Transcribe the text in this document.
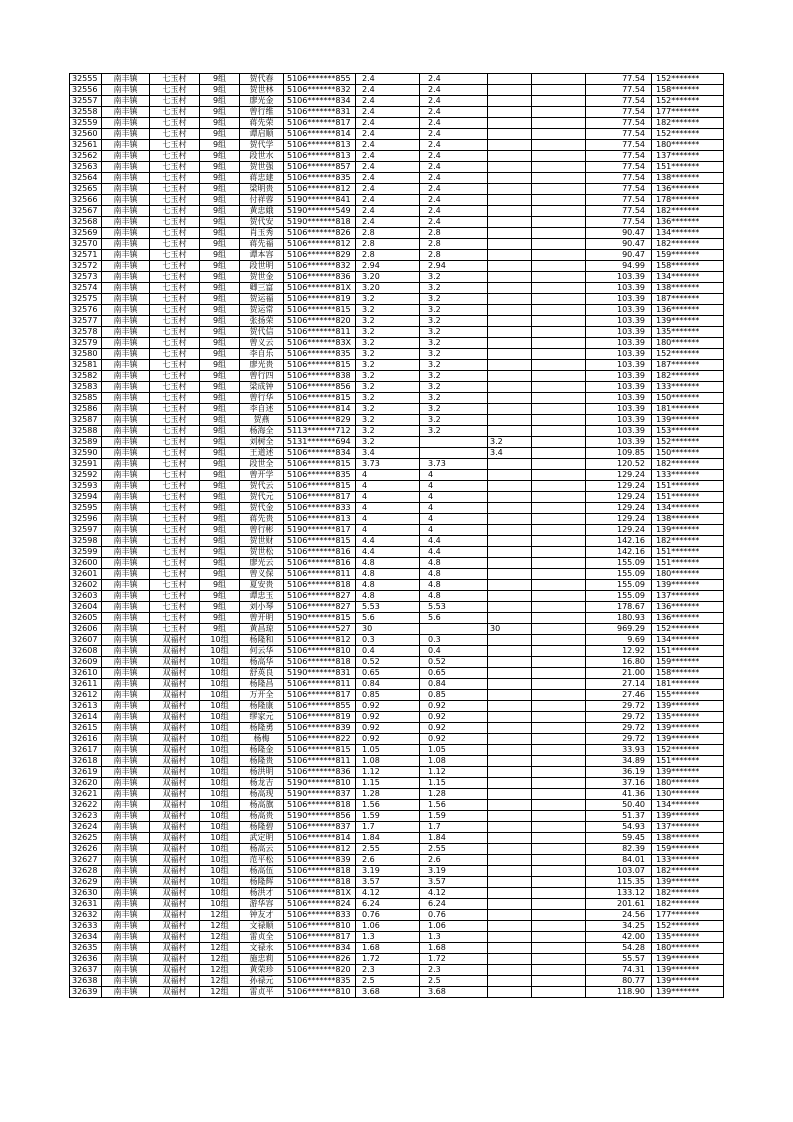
32555	南丰镇	七玉村	9组	贺代春	5106*******855	2.4	2.4			77.54	152*******
32556	南丰镇	七玉村	9组	贺世林	5106*******832	2.4	2.4			77.54	158*******
32557	南丰镇	七玉村	9组	廖光金	5106*******834	2.4	2.4			77.54	152*******
32558	南丰镇	七玉村	9组	曾行维	5106*******831	2.4	2.4			77.54	177*******
32559	南丰镇	七玉村	9组	蒋先荣	5106*******817	2.4	2.4			77.54	182*******
32560	南丰镇	七玉村	9组	谭启顺	5106*******814	2.4	2.4			77.54	152*******
32561	南丰镇	七玉村	9组	贺代学	5106*******813	2.4	2.4			77.54	180*******
32562	南丰镇	七玉村	9组	段世水	5106*******813	2.4	2.4			77.54	137*******
32563	南丰镇	七玉村	9组	贺世强	5106*******857	2.4	2.4			77.54	151*******
32564	南丰镇	七玉村	9组	蒋忠建	5106*******835	2.4	2.4			77.54	138*******
32565	南丰镇	七玉村	9组	梁明贵	5106*******812	2.4	2.4			77.54	136*******
32566	南丰镇	七玉村	9组	付祥蓉	5190*******841	2.4	2.4			77.54	178*******
32567	南丰镇	七玉村	9组	黄忠娥	5190*******549	2.4	2.4			77.54	182*******
32568	南丰镇	七玉村	9组	贺代安	5190*******818	2.4	2.4			77.54	136*******
32569	南丰镇	七玉村	9组	肖玉秀	5106*******826	2.8	2.8			90.47	134*******
32570	南丰镇	七玉村	9组	蒋先福	5106*******812	2.8	2.8			90.47	182*******
32571	南丰镇	七玉村	9组	谭本容	5106*******829	2.8	2.8			90.47	159*******
32572	南丰镇	七玉村	9组	段世明	5106*******832	2.94	2.94			94.99	158*******
32573	南丰镇	七玉村	9组	贺世金	5106*******836	3.20	3.2			103.39	134*******
32574	南丰镇	七玉村	9组	卿三富	5106*******81X	3.20	3.2			103.39	138*******
32575	南丰镇	七玉村	9组	贺运福	5106*******819	3.2	3.2			103.39	187*******
32576	南丰镇	七玉村	9组	贺运常	5106*******815	3.2	3.2			103.39	136*******
32577	南丰镇	七玉村	9组	张扬荣	5106*******820	3.2	3.2			103.39	139*******
32578	南丰镇	七玉村	9组	贺代信	5106*******811	3.2	3.2			103.39	135*******
32579	南丰镇	七玉村	9组	曾义云	5106*******83X	3.2	3.2			103.39	180*******
32580	南丰镇	七玉村	9组	李自乐	5106*******835	3.2	3.2			103.39	152*******
32581	南丰镇	七玉村	9组	廖光贵	5106*******815	3.2	3.2			103.39	187*******
32582	南丰镇	七玉村	9组	曾行四	5106*******838	3.2	3.2			103.39	182*******
32583	南丰镇	七玉村	9组	梁成钟	5106*******856	3.2	3.2			103.39	133*******
32585	南丰镇	七玉村	9组	曾行华	5106*******815	3.2	3.2			103.39	150*******
32586	南丰镇	七玉村	9组	李自述	5106*******814	3.2	3.2			103.39	181*******
32587	南丰镇	七玉村	9组	贺燕	5106*******829	3.2	3.2			103.39	139*******
32588	南丰镇	七玉村	9组	杨海全	5113*******712	3.2	3.2			103.39	153*******
32589	南丰镇	七玉村	9组	刘树全	5131*******694	3.2		3.2		103.39	152*******
32590	南丰镇	七玉村	9组	王道述	5106*******834	3.4		3.4		109.85	150*******
32591	南丰镇	七玉村	9组	段世全	5106*******815	3.73	3.73			120.52	182*******
32592	南丰镇	七玉村	9组	曾开学	5106*******835	4	4			129.24	133*******
32593	南丰镇	七玉村	9组	贺代云	5106*******815	4	4			129.24	151*******
32594	南丰镇	七玉村	9组	贺代元	5106*******817	4	4			129.24	151*******
32595	南丰镇	七玉村	9组	贺代金	5106*******833	4	4			129.24	134*******
32596	南丰镇	七玉村	9组	蒋先贵	5106*******813	4	4			129.24	138*******
32597	南丰镇	七玉村	9组	曾行彬	5190*******817	4	4			129.24	139*******
32598	南丰镇	七玉村	9组	贺世财	5106*******815	4.4	4.4			142.16	182*******
32599	南丰镇	七玉村	9组	贺世松	5106*******816	4.4	4.4			142.16	151*******
32600	南丰镇	七玉村	9组	廖光云	5106*******816	4.8	4.8			155.09	151*******
32601	南丰镇	七玉村	9组	曾义保	5106*******811	4.8	4.8			155.09	180*******
32602	南丰镇	七玉村	9组	夏安贵	5106*******818	4.8	4.8			155.09	139*******
32603	南丰镇	七玉村	9组	谭忠玉	5106*******827	4.8	4.8			155.09	137*******
32604	南丰镇	七玉村	9组	刘小琴	5106*******827	5.53	5.53			178.67	136*******
32605	南丰镇	七玉村	9组	曾开明	5190*******815	5.6	5.6			180.93	136*******
32606	南丰镇	七玉村	9组	黄昌琼	5106*******527	30		30		969.29	152*******
32607	南丰镇	双福村	10组	杨隆和	5106*******812	0.3	0.3			9.69	134*******
32608	南丰镇	双福村	10组	何云华	5106*******810	0.4	0.4			12.92	151*******
32609	南丰镇	双福村	10组	杨高华	5106*******818	0.52	0.52			16.80	159*******
32610	南丰镇	双福村	10组	舒英良	5190*******831	0.65	0.65			21.00	158*******
32611	南丰镇	双福村	10组	杨隆昌	5106*******811	0.84	0.84			27.14	181*******
32612	南丰镇	双福村	10组	万开全	5106*******817	0.85	0.85			27.46	155*******
32613	南丰镇	双福村	10组	杨隆康	5106*******855	0.92	0.92			29.72	139*******
32614	南丰镇	双福村	10组	缪家元	5106*******819	0.92	0.92			29.72	135*******
32615	南丰镇	双福村	10组	杨隆勇	5106*******839	0.92	0.92			29.72	139*******
32616	南丰镇	双福村	10组	杨梅	5106*******822	0.92	0.92			29.72	139*******
32617	南丰镇	双福村	10组	杨隆金	5106*******815	1.05	1.05			33.93	152*******
32618	南丰镇	双福村	10组	杨隆贵	5106*******811	1.08	1.08			34.89	151*******
32619	南丰镇	双福村	10组	杨洪明	5106*******836	1.12	1.12			36.19	139*******
32620	南丰镇	双福村	10组	杨龙吉	5190*******810	1.15	1.15			37.16	180*******
32621	南丰镇	双福村	10组	杨高现	5190*******837	1.28	1.28			41.36	130*******
32622	南丰镇	双福村	10组	杨高旗	5106*******818	1.56	1.56			50.40	134*******
32623	南丰镇	双福村	10组	杨高贵	5190*******856	1.59	1.59			51.37	139*******
32624	南丰镇	双福村	10组	杨隆碧	5106*******837	1.7	1.7			54.93	137*******
32625	南丰镇	双福村	10组	武定明	5106*******814	1.84	1.84			59.45	138*******
32626	南丰镇	双福村	10组	杨高云	5106*******812	2.55	2.55			82.39	159*******
32627	南丰镇	双福村	10组	范平松	5106*******839	2.6	2.6			84.01	133*******
32628	南丰镇	双福村	10组	杨高伍	5106*******818	3.19	3.19			103.07	182*******
32629	南丰镇	双福村	10组	杨隆辉	5106*******818	3.57	3.57			115.35	139*******
32630	南丰镇	双福村	10组	杨洪才	5106*******81X	4.12	4.12			133.12	182*******
32631	南丰镇	双福村	10组	游华容	5106*******824	6.24	6.24			201.61	182*******
32632	南丰镇	双福村	12组	钟友才	5106*******833	0.76	0.76			24.56	177*******
32633	南丰镇	双福村	12组	文禄顺	5106*******810	1.06	1.06			34.25	152*******
32634	南丰镇	双福村	12组	雷贞全	5106*******817	1.3	1.3			42.00	135*******
32635	南丰镇	双福村	12组	文禄永	5106*******834	1.68	1.68			54.28	180*******
32636	南丰镇	双福村	12组	施忠莉	5106*******826	1.72	1.72			55.57	139*******
32637	南丰镇	双福村	12组	黄荣珍	5106*******820	2.3	2.3			74.31	139*******
32638	南丰镇	双福村	12组	孙禄元	5106*******835	2.5	2.5			80.77	139*******
32639	南丰镇	双福村	12组	雷贞平	5106*******810	3.68	3.68			118.90	139*******
